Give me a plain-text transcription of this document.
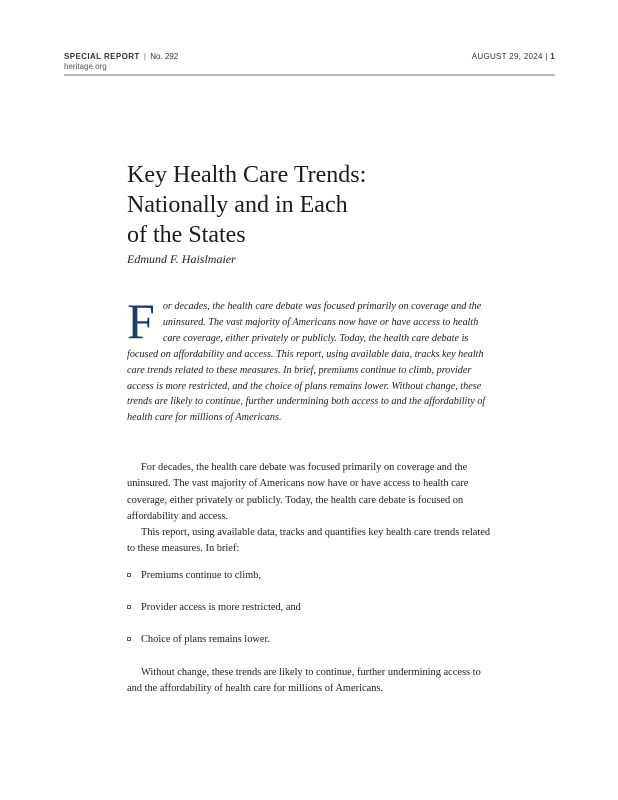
SPECIAL REPORT | No. 292
heritage.org
AUGUST 29, 2024 | 1
Key Health Care Trends:
Nationally and in Each
of the States
Edmund F. Haislmaier

For decades, the health care debate was focused primarily on coverage and the uninsured. The vast majority of Americans now have or have access to health care coverage, either privately or publicly. Today, the health care debate is focused on affordability and access. This report, using available data, tracks key health care trends related to these measures. In brief, premiums continue to climb, provider access is more restricted, and the choice of plans remains lower. Without change, these trends are likely to continue, further undermining both access to and the affordability of health care for millions of Americans.

For decades, the health care debate was focused primarily on coverage and the uninsured. The vast majority of Americans now have or have access to health care coverage, either privately or publicly. Today, the health care debate is focused on affordability and access.

This report, using available data, tracks and quantifies key health care trends related to these measures. In brief:

Premiums continue to climb,
Provider access is more restricted, and
Choice of plans remains lower.

Without change, these trends are likely to continue, further undermining access to and the affordability of health care for millions of Americans.
